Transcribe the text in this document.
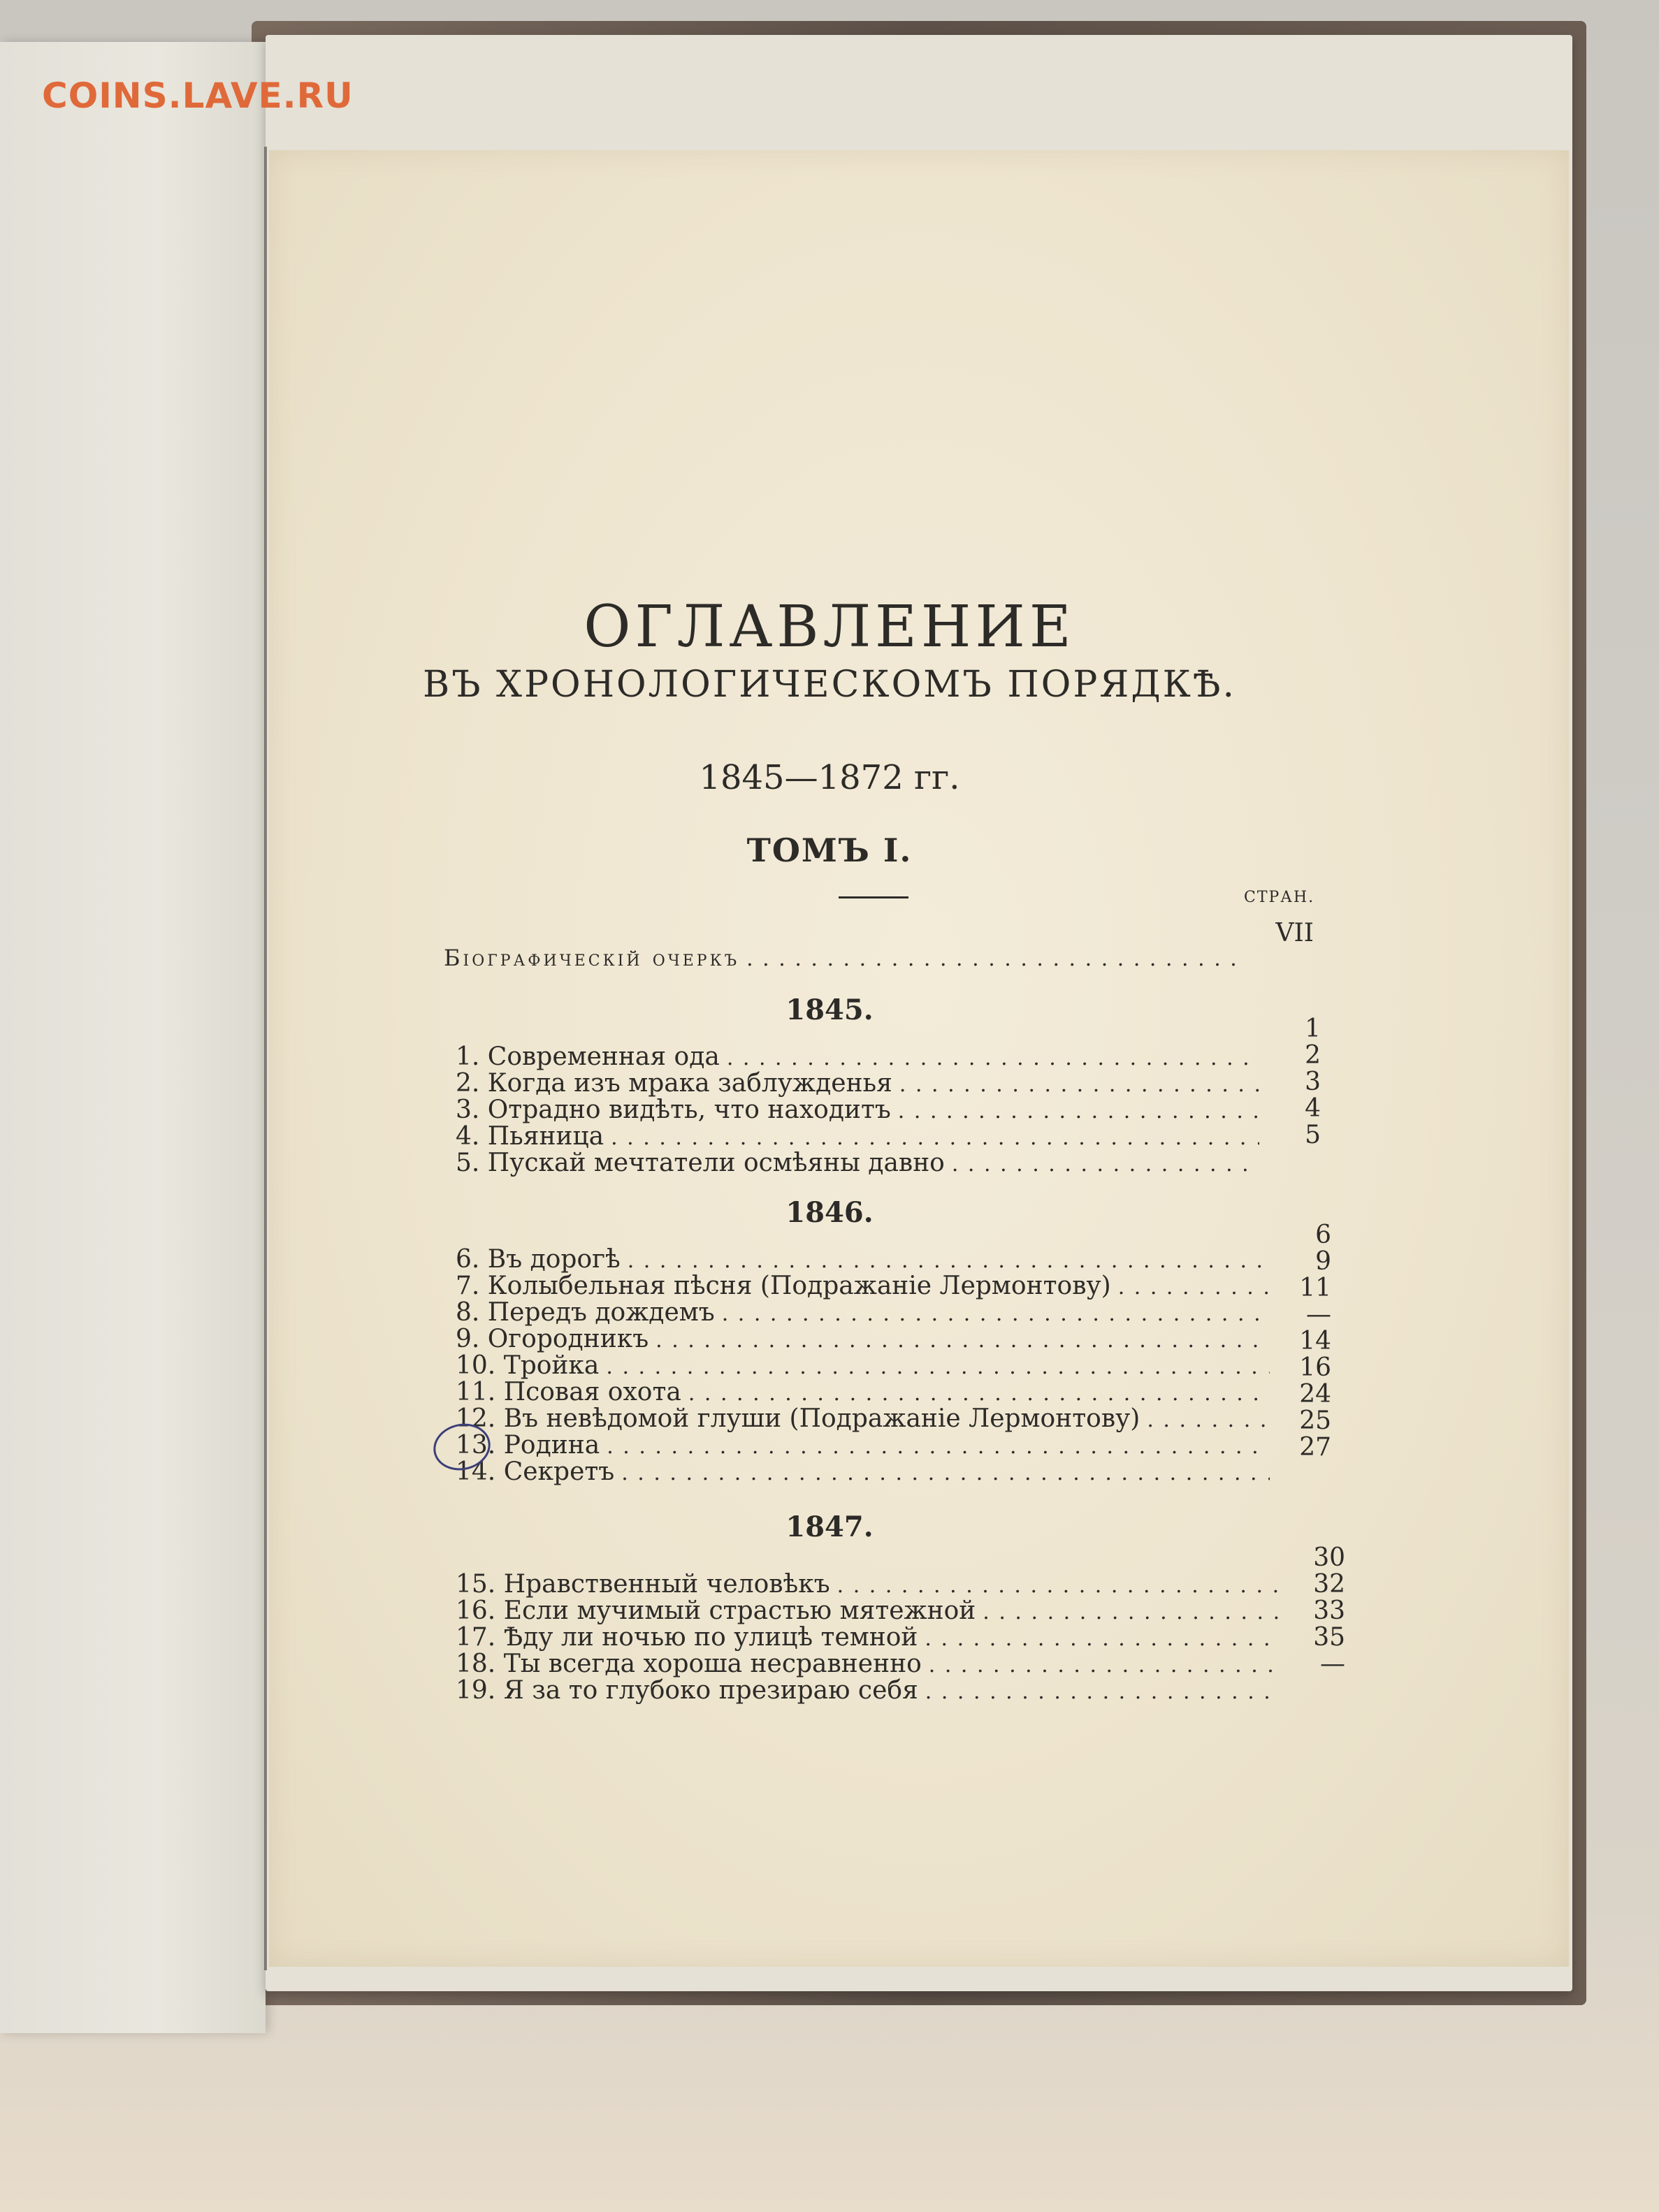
COINS.LAVE.RU
ОГЛАВЛЕНИЕ
ВЪ ХРОНОЛОГИЧЕСКОМЪ ПОРЯДКѢ.
1845—1872 гг.
ТОМЪ I.
СТРАН.
Біографическій очеркъ
. . .
VII
1845.
1. Современная ода
. . .
1
2. Когда изъ мрака заблужденья
. . .
2
3. Отрадно видѣть, что находитъ
. . .
3
4. Пьяница
. . .
4
5. Пускай мечтатели осмѣяны давно
. . .
5
1846.
6. Въ дорогѣ
. . .
6
7. Колыбельная пѣсня (Подражаніе Лермонтову)
. . .
9
8. Передъ дождемъ
. . .
11
9. Огородникъ
. . .
—
10. Тройка
. . .
14
11. Псовая охота
. . .
16
12. Въ невѣдомой глуши (Подражаніе Лермонтову)
. . .
24
13. Родина
. . .
25
14. Секретъ
. . .
27
1847.
15. Нравственный человѣкъ
. . .
30
16. Если мучимый страстью мятежной
. . .
32
17. Ѣду ли ночью по улицѣ темной
. . .
33
18. Ты всегда хороша несравненно
. . .
35
19. Я за то глубоко презираю себя
. . .
—
